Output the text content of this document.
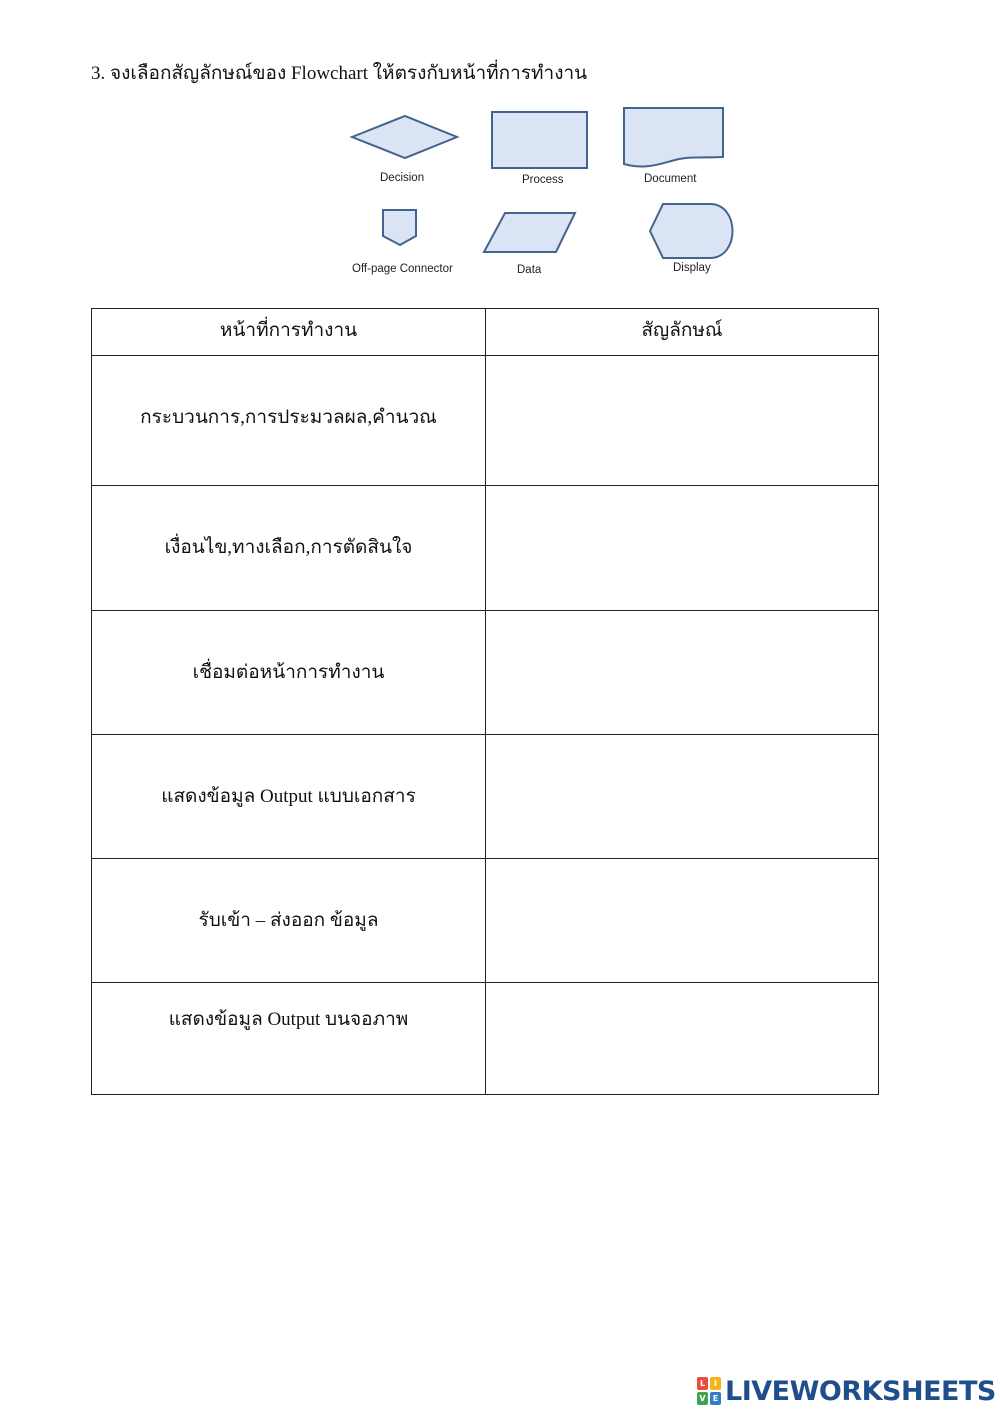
3. จงเลือกสัญลักษณ์ของ Flowchart ให้ตรงกับหน้าที่การทำงาน
Decision	Process	Document
Off-page Connector	Data	Display
หน้าที่การทำงาน	สัญลักษณ์
กระบวนการ,การประมวลผล,คำนวณ	
เงื่อนไข,ทางเลือก,การตัดสินใจ	
เชื่อมต่อหน้าการทำงาน	
แสดงข้อมูล Output แบบเอกสาร	
รับเข้า – ส่งออก ข้อมูล	
แสดงข้อมูล Output บนจอภาพ	
L	I
V E LIVEWORKSHEETS
